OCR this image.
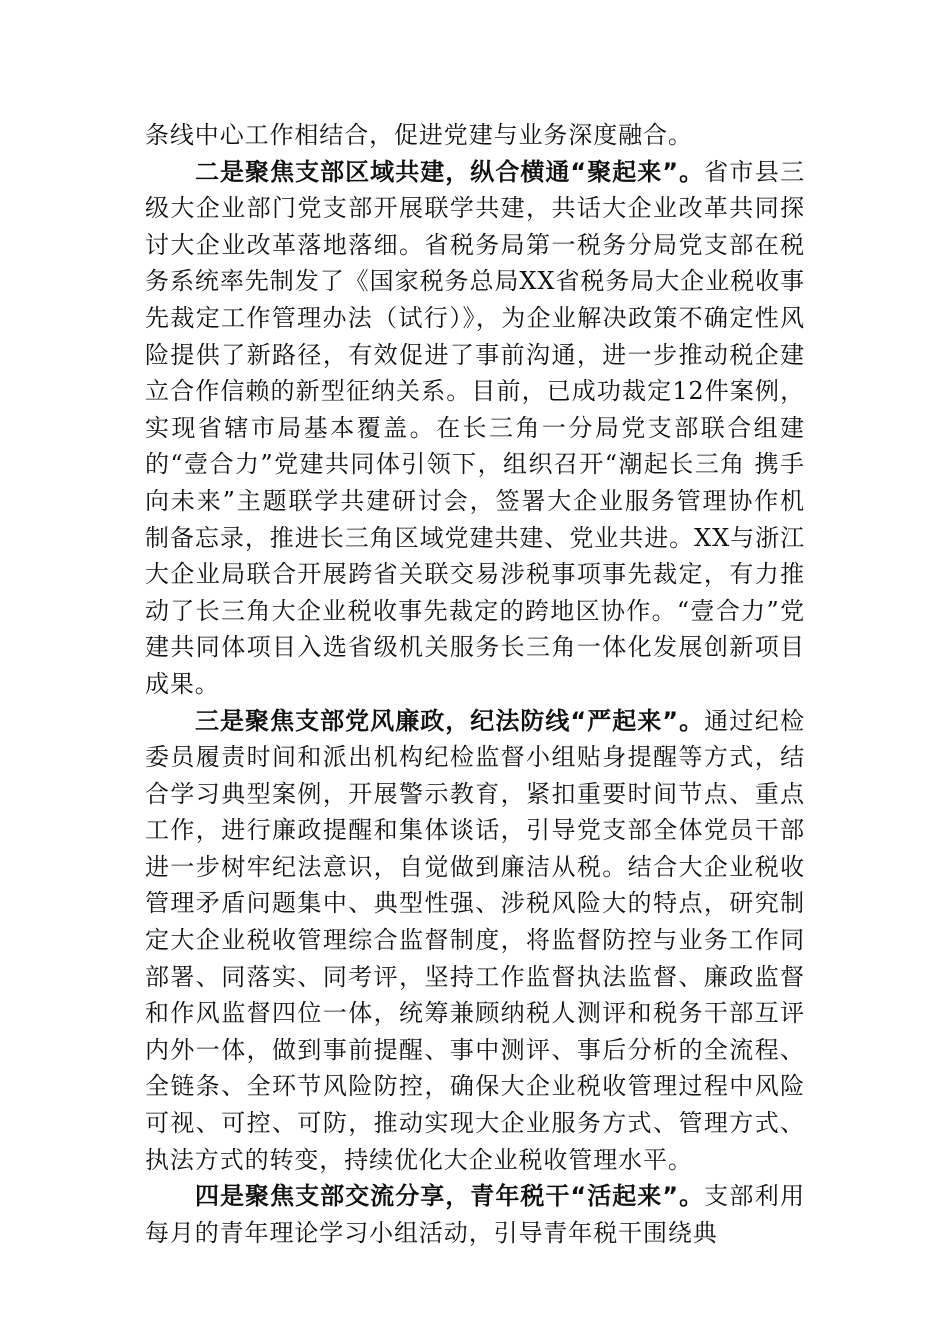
条线中心工作相结合，促进党建与业务深度融合。

二是聚焦支部区域共建，纵合横通“聚起来”。省市县三级大企业部门党支部开展联学共建，共话大企业改革共同探讨大企业改革落地落细。省税务局第一税务分局党支部在税务系统率先制发了《国家税务总局XX省税务局大企业税收事先裁定工作管理办法（试行）》，为企业解决政策不确定性风险提供了新路径，有效促进了事前沟通，进一步推动税企建立合作信赖的新型征纳关系。目前，已成功裁定12件案例，实现省辖市局基本覆盖。在长三角一分局党支部联合组建的“壹合力”党建共同体引领下，组织召开“潮起长三角 携手向未来”主题联学共建研讨会，签署大企业服务管理协作机制备忘录，推进长三角区域党建共建、党业共进。XX与浙江大企业局联合开展跨省关联交易涉税事项事先裁定，有力推动了长三角大企业税收事先裁定的跨地区协作。“壹合力”党建共同体项目入选省级机关服务长三角一体化发展创新项目成果。

三是聚焦支部党风廉政，纪法防线“严起来”。通过纪检委员履责时间和派出机构纪检监督小组贴身提醒等方式，结合学习典型案例，开展警示教育，紧扣重要时间节点、重点工作，进行廉政提醒和集体谈话，引导党支部全体党员干部进一步树牢纪法意识，自觉做到廉洁从税。结合大企业税收管理矛盾问题集中、典型性强、涉税风险大的特点，研究制定大企业税收管理综合监督制度，将监督防控与业务工作同部署、同落实、同考评，坚持工作监督执法监督、廉政监督和作风监督四位一体，统筹兼顾纳税人测评和税务干部互评内外一体，做到事前提醒、事中测评、事后分析的全流程、全链条、全环节风险防控，确保大企业税收管理过程中风险可视、可控、可防，推动实现大企业服务方式、管理方式、执法方式的转变，持续优化大企业税收管理水平。

四是聚焦支部交流分享，青年税干“活起来”。支部利用每月的青年理论学习小组活动，引导青年税干围绕典
